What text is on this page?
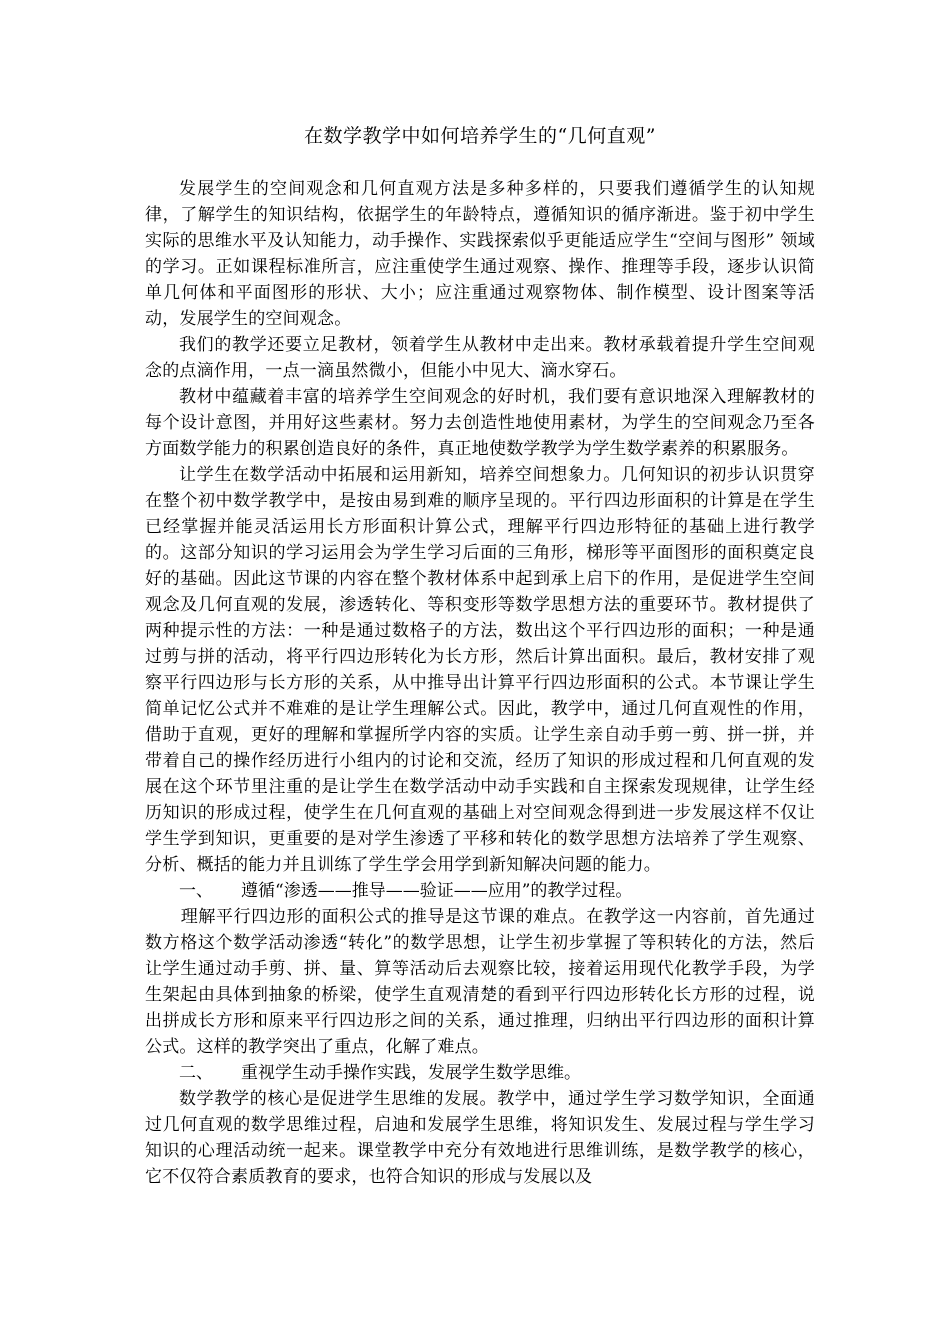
在数学教学中如何培养学生的“几何直观”

发展学生的空间观念和几何直观方法是多种多样的，只要我们遵循学生的认知规律，了解学生的知识结构，依据学生的年龄特点，遵循知识的循序渐进。鉴于初中学生实际的思维水平及认知能力，动手操作、实践探索似乎更能适应学生“空间与图形” 领域的学习。正如课程标准所言，应注重使学生通过观察、操作、推理等手段，逐步认识简单几何体和平面图形的形状、大小；应注重通过观察物体、制作模型、设计图案等活动，发展学生的空间观念。

我们的教学还要立足教材，领着学生从教材中走出来。教材承载着提升学生空间观念的点滴作用，一点一滴虽然微小，但能小中见大、滴水穿石。

教材中蕴藏着丰富的培养学生空间观念的好时机，我们要有意识地深入理解教材的每个设计意图，并用好这些素材。努力去创造性地使用素材，为学生的空间观念乃至各方面数学能力的积累创造良好的条件，真正地使数学教学为学生数学素养的积累服务。

让学生在数学活动中拓展和运用新知，培养空间想象力。几何知识的初步认识贯穿在整个初中数学教学中，是按由易到难的顺序呈现的。平行四边形面积的计算是在学生已经掌握并能灵活运用长方形面积计算公式，理解平行四边形特征的基础上进行教学的。这部分知识的学习运用会为学生学习后面的三角形，梯形等平面图形的面积奠定良好的基础。因此这节课的内容在整个教材体系中起到承上启下的作用，是促进学生空间观念及几何直观的发展，渗透转化、等积变形等数学思想方法的重要环节。教材提供了两种提示性的方法：一种是通过数格子的方法，数出这个平行四边形的面积；一种是通过剪与拼的活动，将平行四边形转化为长方形，然后计算出面积。最后，教材安排了观察平行四边形与长方形的关系，从中推导出计算平行四边形面积的公式。本节课让学生简单记忆公式并不难难的是让学生理解公式。因此，教学中，通过几何直观性的作用，借助于直观，更好的理解和掌握所学内容的实质。让学生亲自动手剪一剪、拼一拼，并带着自己的操作经历进行小组内的讨论和交流，经历了知识的形成过程和几何直观的发展在这个环节里注重的是让学生在数学活动中动手实践和自主探索发现规律，让学生经历知识的形成过程，使学生在几何直观的基础上对空间观念得到进一步发展这样不仅让学生学到知识，更重要的是对学生渗透了平移和转化的数学思想方法培养了学生观察、分析、概括的能力并且训练了学生学会用学到新知解决问题的能力。

一、	遵循“渗透——推导——验证——应用”的教学过程。

理解平行四边形的面积公式的推导是这节课的难点。在教学这一内容前，首先通过数方格这个数学活动渗透“转化”的数学思想，让学生初步掌握了等积转化的方法，然后让学生通过动手剪、拼、量、算等活动后去观察比较，接着运用现代化教学手段，为学生架起由具体到抽象的桥梁，使学生直观清楚的看到平行四边形转化长方形的过程，说出拼成长方形和原来平行四边形之间的关系，通过推理，归纳出平行四边形的面积计算公式。这样的教学突出了重点，化解了难点。

二、	重视学生动手操作实践，发展学生数学思维。

数学教学的核心是促进学生思维的发展。教学中，通过学生学习数学知识，全面通过几何直观的数学思维过程，启迪和发展学生思维，将知识发生、发展过程与学生学习知识的心理活动统一起来。课堂教学中充分有效地进行思维训练，是数学教学的核心，它不仅符合素质教育的要求，也符合知识的形成与发展以及
